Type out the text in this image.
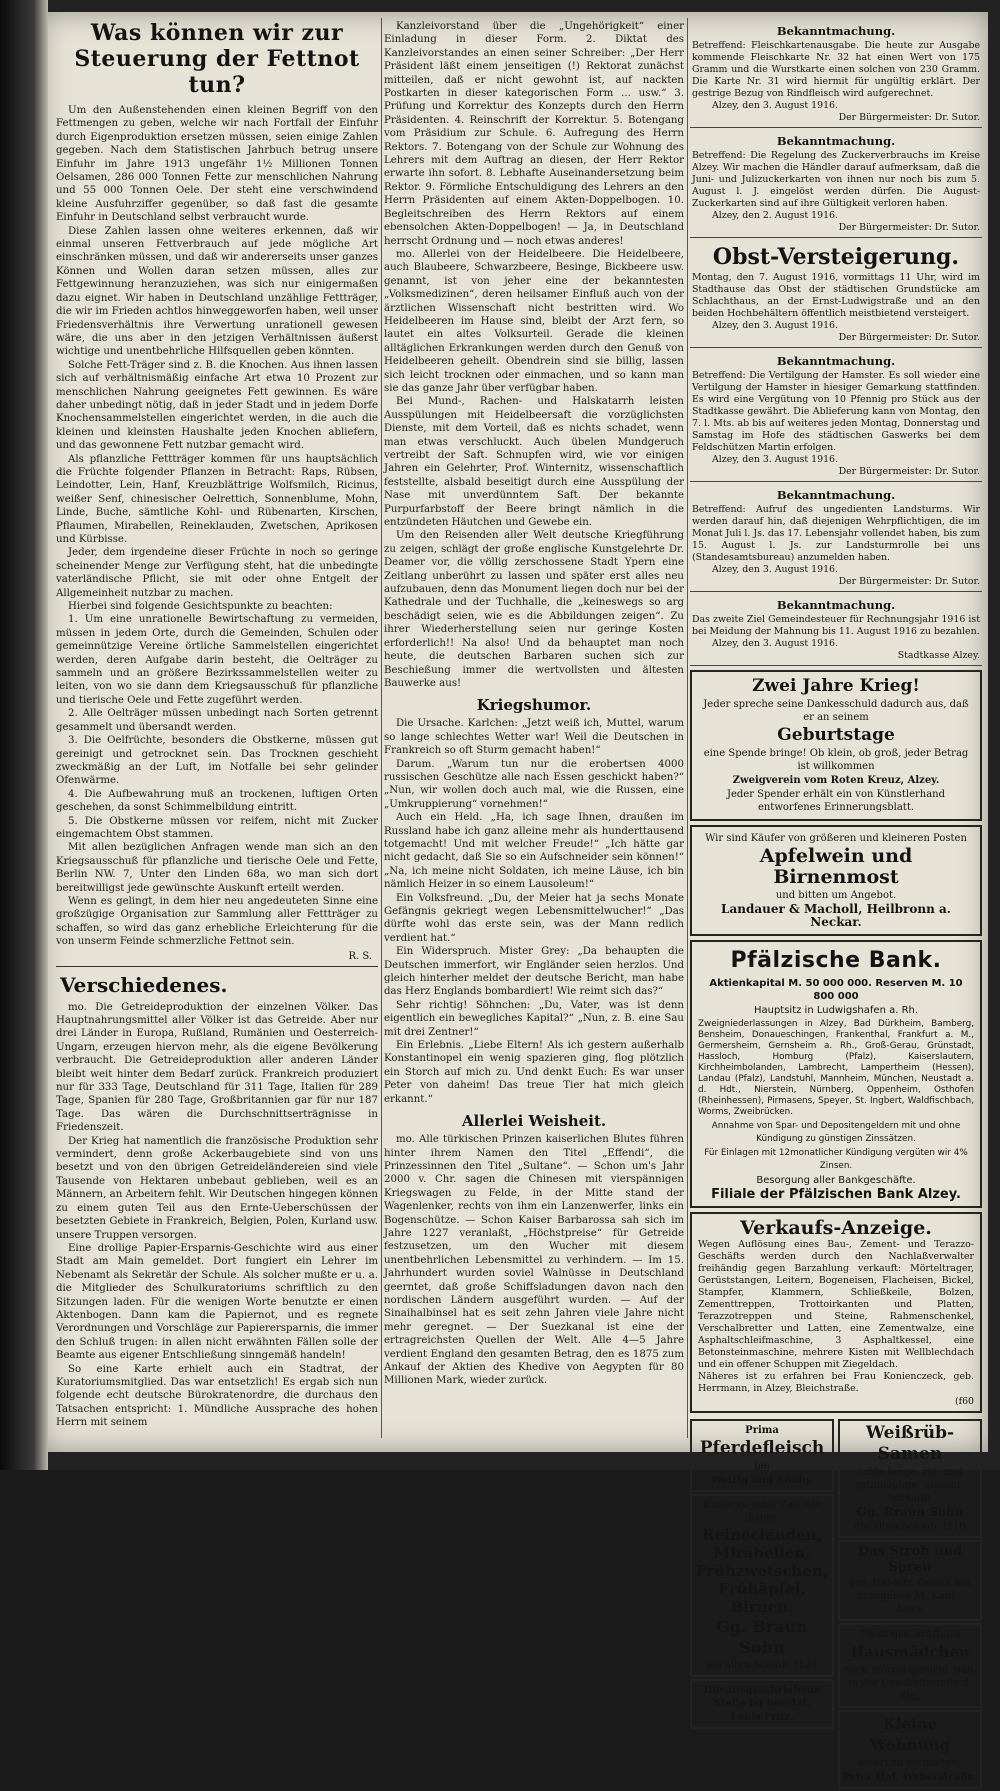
Was können wir zur Steuerung der Fettnot tun?

Um den Außenstehenden einen kleinen Begriff von den Fettmengen zu geben, welche wir nach Fortfall der Einfuhr durch Eigenproduktion ersetzen müssen, seien einige Zahlen gegeben. Nach dem Statistischen Jahrbuch betrug unsere Einfuhr im Jahre 1913 ungefähr 1½ Millionen Tonnen Oelsamen, 286 000 Tonnen Fette zur menschlichen Nahrung und 55 000 Tonnen Oele. Der steht eine verschwindend kleine Ausfuhrziffer gegenüber, so daß fast die gesamte Einfuhr in Deutschland selbst verbraucht wurde.

Diese Zahlen lassen ohne weiteres erkennen, daß wir einmal unseren Fettverbrauch auf jede mögliche Art einschränken müssen, und daß wir andererseits unser ganzes Können und Wollen daran setzen müssen, alles zur Fettgewinnung heranzuziehen, was sich nur einigermaßen dazu eignet. Wir haben in Deutschland unzählige Fettträger, die wir im Frieden achtlos hinweggeworfen haben, weil unser Friedensverhältnis ihre Verwertung unrationell gewesen wäre, die uns aber in den jetzigen Verhältnissen äußerst wichtige und unentbehrliche Hilfsquellen geben könnten.

Solche Fett-Träger sind z. B. die Knochen. Aus ihnen lassen sich auf verhältnismäßig einfache Art etwa 10 Prozent zur menschlichen Nahrung geeignetes Fett gewinnen. Es wäre daher unbedingt nötig, daß in jeder Stadt und in jedem Dorfe Knochensammelstellen eingerichtet werden, in die auch die kleinen und kleinsten Haushalte jeden Knochen abliefern, und das gewonnene Fett nutzbar gemacht wird.

Als pflanzliche Fettträger kommen für uns hauptsächlich die Früchte folgender Pflanzen in Betracht: Raps, Rübsen, Leindotter, Lein, Hanf, Kreuzblättrige Wolfsmilch, Ricinus, weißer Senf, chinesischer Oelrettich, Sonnenblume, Mohn, Linde, Buche, sämtliche Kohl- und Rübenarten, Kirschen, Pflaumen, Mirabellen, Reineklauden, Zwetschen, Aprikosen und Kürbisse.

Jeder, dem irgendeine dieser Früchte in noch so geringe scheinender Menge zur Verfügung steht, hat die unbedingte vaterländische Pflicht, sie mit oder ohne Entgelt der Allgemeinheit nutzbar zu machen.

Hierbei sind folgende Gesichtspunkte zu beachten:

1. Um eine unrationelle Bewirtschaftung zu vermeiden, müssen in jedem Orte, durch die Gemeinden, Schulen oder gemeinnützige Vereine örtliche Sammelstellen eingerichtet werden, deren Aufgabe darin besteht, die Oelträger zu sammeln und an größere Bezirkssammelstellen weiter zu leiten, von wo sie dann dem Kriegsausschuß für pflanzliche und tierische Oele und Fette zugeführt werden.

2. Alle Oelträger müssen unbedingt nach Sorten getrennt gesammelt und übersandt werden.

3. Die Oelfrüchte, besonders die Obstkerne, müssen gut gereinigt und getrocknet sein. Das Trocknen geschieht zweckmäßig an der Luft, im Notfalle bei sehr gelinder Ofenwärme.

4. Die Aufbewahrung muß an trockenen, luftigen Orten geschehen, da sonst Schimmelbildung eintritt.

5. Die Obstkerne müssen vor reifem, nicht mit Zucker eingemachtem Obst stammen.

Mit allen bezüglichen Anfragen wende man sich an den Kriegsausschuß für pflanzliche und tierische Oele und Fette, Berlin NW. 7, Unter den Linden 68a, wo man sich dort bereitwilligst jede gewünschte Auskunft erteilt werden.

Wenn es gelingt, in dem hier neu angedeuteten Sinne eine großzügige Organisation zur Sammlung aller Fettträger zu schaffen, so wird das ganz erhebliche Erleichterung für die von unserm Feinde schmerzliche Fettnot sein.

R. S.
Verschiedenes.

mo. Die Getreideproduktion der einzelnen Völker. Das Hauptnahrungsmittel aller Völker ist das Getreide. Aber nur drei Länder in Europa, Rußland, Rumänien und Oesterreich-Ungarn, erzeugen hiervon mehr, als die eigene Bevölkerung verbraucht. Die Getreideproduktion aller anderen Länder bleibt weit hinter dem Bedarf zurück. Frankreich produziert nur für 333 Tage, Deutschland für 311 Tage, Italien für 289 Tage, Spanien für 280 Tage, Großbritannien gar für nur 187 Tage. Das wären die Durchschnittserträgnisse in Friedenszeit.

Der Krieg hat namentlich die französische Produktion sehr vermindert, denn große Ackerbaugebiete sind von uns besetzt und von den übrigen Getreideländereien sind viele Tausende von Hektaren unbebaut geblieben, weil es an Männern, an Arbeitern fehlt. Wir Deutschen hingegen können zu einem guten Teil aus den Ernte-Ueberschüssen der besetzten Gebiete in Frankreich, Belgien, Polen, Kurland usw. unsere Truppen versorgen.

Eine drollige Papier-Ersparnis-Geschichte wird aus einer Stadt am Main gemeldet. Dort fungiert ein Lehrer im Nebenamt als Sekretär der Schule. Als solcher mußte er u. a. die Mitglieder des Schulkuratoriums schriftlich zu den Sitzungen laden. Für die wenigen Worte benutzte er einen Aktenbogen. Dann kam die Papiernot, und es regnete Verordnungen und Vorschläge zur Papierersparnis, die immer den Schluß trugen: in allen nicht erwähnten Fällen solle der Beamte aus eigener Entschließung sinngemäß handeln!

So eine Karte erhielt auch ein Stadtrat, der Kuratoriumsmitglied. Das war entsetzlich! Es ergab sich nun folgende echt deutsche Bürokratenordre, die durchaus den Tatsachen entspricht: 1. Mündliche Aussprache des hohen Herrn mit seinem

Kanzleivorstand über die „Ungehörigkeit“ einer Einladung in dieser Form. 2. Diktat des Kanzleivorstandes an einen seiner Schreiber: „Der Herr Präsident läßt einem jenseitigen (!) Rektorat zunächst mitteilen, daß er nicht gewohnt ist, auf nackten Postkarten in dieser kategorischen Form ... usw.“ 3. Prüfung und Korrektur des Konzepts durch den Herrn Präsidenten. 4. Reinschrift der Korrektur. 5. Botengang vom Präsidium zur Schule. 6. Aufregung des Herrn Rektors. 7. Botengang von der Schule zur Wohnung des Lehrers mit dem Auftrag an diesen, der Herr Rektor erwarte ihn sofort. 8. Lebhafte Auseinandersetzung beim Rektor. 9. Förmliche Entschuldigung des Lehrers an den Herrn Präsidenten auf einem Akten-Doppelbogen. 10. Begleitschreiben des Herrn Rektors auf einem ebensolchen Akten-Doppelbogen! — Ja, in Deutschland herrscht Ordnung und — noch etwas anderes!

mo. Allerlei von der Heidelbeere. Die Heidelbeere, auch Blaubeere, Schwarzbeere, Besinge, Bickbeere usw. genannt, ist von jeher eine der bekanntesten „Volksmedizinen“, deren heilsamer Einfluß auch von der ärztlichen Wissenschaft nicht bestritten wird. Wo Heidelbeeren im Hause sind, bleibt der Arzt fern, so lautet ein altes Volksurteil. Gerade die kleinen alltäglichen Erkrankungen werden durch den Genuß von Heidelbeeren geheilt. Obendrein sind sie billig, lassen sich leicht trocknen oder einmachen, und so kann man sie das ganze Jahr über verfügbar haben.

Bei Mund-, Rachen- und Halskatarrh leisten Ausspülungen mit Heidelbeersaft die vorzüglichsten Dienste, mit dem Vorteil, daß es nichts schadet, wenn man etwas verschluckt. Auch übelen Mundgeruch vertreibt der Saft. Schnupfen wird, wie vor einigen Jahren ein Gelehrter, Prof. Winternitz, wissenschaftlich feststellte, alsbald beseitigt durch eine Ausspülung der Nase mit unverdünntem Saft. Der bekannte Purpurfarbstoff der Beere bringt nämlich in die entzündeten Häutchen und Gewebe ein.

Um den Reisenden aller Welt deutsche Kriegführung zu zeigen, schlägt der große englische Kunstgelehrte Dr. Deamer vor, die völlig zerschossene Stadt Ypern eine Zeitlang unberührt zu lassen und später erst alles neu aufzubauen, denn das Monument liegen doch nur bei der Kathedrale und der Tuchhalle, die „keineswegs so arg beschädigt seien, wie es die Abbildungen zeigen“. Zu ihrer Wiederherstellung seien nur geringe Kosten erforderlich!! Na also! Und da behauptet man noch heute, die deutschen Barbaren suchen sich zur Beschießung immer die wertvollsten und ältesten Bauwerke aus!

Kriegshumor.

Die Ursache. Karlchen: „Jetzt weiß ich, Muttel, warum so lange schlechtes Wetter war! Weil die Deutschen in Frankreich so oft Sturm gemacht haben!“

Darum. „Warum tun nur die erobertsen 4000 russischen Geschütze alle nach Essen geschickt haben?“ „Nun, wir wollen doch auch mal, wie die Russen, eine „Umkruppierung“ vornehmen!“

Auch ein Held. „Ha, ich sage Ihnen, draußen im Russland habe ich ganz alleine mehr als hunderttausend totgemacht! Und mit welcher Freude!“ „Ich hätte gar nicht gedacht, daß Sie so ein Aufschneider sein können!“ „Na, ich meine nicht Soldaten, ich meine Läuse, ich bin nämlich Heizer in so einem Lausoleum!“

Ein Volksfreund. „Du, der Meier hat ja sechs Monate Gefängnis gekriegt wegen Lebensmittelwucher!“ „Das dürfte wohl das erste sein, was der Mann redlich verdient hat.“

Ein Widerspruch. Mister Grey: „Da behaupten die Deutschen immerfort, wir Engländer seien herzlos. Und gleich hinterher meldet der deutsche Bericht, man habe das Herz Englands bombardiert! Wie reimt sich das?“

Sehr richtig! Söhnchen: „Du, Vater, was ist denn eigentlich ein bewegliches Kapital?“ „Nun, z. B. eine Sau mit drei Zentner!“

Ein Erlebnis. „Liebe Eltern! Als ich gestern außerhalb Konstantinopel ein wenig spazieren ging, flog plötzlich ein Storch auf mich zu. Und denkt Euch: Es war unser Peter von daheim! Das treue Tier hat mich gleich erkannt.“

Allerlei Weisheit.

mo. Alle türkischen Prinzen kaiserlichen Blutes führen hinter ihrem Namen den Titel „Effendi“, die Prinzessinnen den Titel „Sultane“. — Schon um's Jahr 2000 v. Chr. sagen die Chinesen mit vierspännigen Kriegswagen zu Felde, in der Mitte stand der Wagenlenker, rechts von ihm ein Lanzenwerfer, links ein Bogenschütze. — Schon Kaiser Barbarossa sah sich im Jahre 1227 veranlaßt, „Höchstpreise“ für Getreide festzusetzen, um den Wucher mit diesem unentbehrlichen Lebensmittel zu verhindern. — Im 15. Jahrhundert wurden soviel Walnüsse in Deutschland geerntet, daß große Schiffsladungen davon nach den nordischen Ländern ausgeführt wurden. — Auf der Sinaihalbinsel hat es seit zehn Jahren viele Jahre nicht mehr geregnet. — Der Suezkanal ist eine der ertragreichsten Quellen der Welt. Alle 4—5 Jahre verdient England den gesamten Betrag, den es 1875 zum Ankauf der Aktien des Khedive von Aegypten für 80 Millionen Mark, wieder zurück.

Bekanntmachung.

Betreffend: Fleischkartenausgabe. Die heute zur Ausgabe kommende Fleischkarte Nr. 32 hat einen Wert von 175 Gramm und die Wurstkarte einen solchen von 230 Gramm. Die Karte Nr. 31 wird hiermit für ungültig erklärt. Der gestrige Bezug von Rindfleisch wird aufgerechnet.

Alzey, den 3. August 1916.

Der Bürgermeister: Dr. Sutor.

Bekanntmachung.

Betreffend: Die Regelung des Zuckerverbrauchs im Kreise Alzey. Wir machen die Händler darauf aufmerksam, daß die Juni- und Julizuckerkarten von ihnen nur noch bis zum 5. August l. J. eingelöst werden dürfen. Die August-Zuckerkarten sind auf ihre Gültigkeit verloren haben.

Alzey, den 2. August 1916.

Der Bürgermeister: Dr. Sutor.

Obst-Versteigerung.

Montag, den 7. August 1916, vormittags 11 Uhr, wird im Stadthause das Obst der städtischen Grundstücke am Schlachthaus, an der Ernst-Ludwigstraße und an den beiden Hochbehältern öffentlich meistbietend versteigert.

Alzey, den 3. August 1916.

Der Bürgermeister: Dr. Sutor.

Bekanntmachung.

Betreffend: Die Vertilgung der Hamster. Es soll wieder eine Vertilgung der Hamster in hiesiger Gemarkung stattfinden. Es wird eine Vergütung von 10 Pfennig pro Stück aus der Stadtkasse gewährt. Die Ablieferung kann von Montag, den 7. l. Mts. ab bis auf weiteres jeden Montag, Donnerstag und Samstag im Hofe des städtischen Gaswerks bei dem Feldschützen Martin erfolgen.

Alzey, den 3. August 1916.

Der Bürgermeister: Dr. Sutor.

Bekanntmachung.

Betreffend: Aufruf des ungedienten Landsturms. Wir werden darauf hin, daß diejenigen Wehrpflichtigen, die im Monat Juli l. Js. das 17. Lebensjahr vollendet haben, bis zum 15. August l. Js. zur Landsturmrolle bei uns (Standesamtsbureau) anzumelden haben.

Alzey, den 3. August 1916.

Der Bürgermeister: Dr. Sutor.

Bekanntmachung.

Das zweite Ziel Gemeindesteuer für Rechnungsjahr 1916 ist bei Meidung der Mahnung bis 11. August 1916 zu bezahlen.

Alzey, den 3. August 1916.

Stadtkasse Alzey.

Zwei Jahre Krieg!
Jeder spreche seine Dankesschuld dadurch aus, daß er an seinem
Geburtstage
eine Spende bringe! Ob klein, ob groß, jeder Betrag ist willkommen
Zweigverein vom Roten Kreuz, Alzey.
Jeder Spender erhält ein von Künstlerhand entworfenes Erinnerungsblatt.
Wir sind Käufer von größeren und kleineren Posten
Apfelwein und Birnenmost
und bitten um Angebot.
Landauer & Macholl, Heilbronn a. Neckar.
Pfälzische Bank.
Aktienkapital M. 50 000 000. Reserven M. 10 800 000
Hauptsitz in Ludwigshafen a. Rh.

Zweigniederlassungen in Alzey, Bad Dürkheim, Bamberg, Bensheim, Donaueschingen, Frankenthal, Frankfurt a. M., Germersheim, Gernsheim a. Rh., Groß-Gerau, Grünstadt, Hassloch, Homburg (Pfalz), Kaiserslautern, Kirchheimbolanden, Lambrecht, Lampertheim (Hessen), Landau (Pfalz), Landstuhl, Mannheim, München, Neustadt a. d. Hdt., Nierstein, Nürnberg, Oppenheim, Osthofen (Rheinhessen), Pirmasens, Speyer, St. Ingbert, Waldfischbach, Worms, Zweibrücken.

Annahme von Spar- und Depositengeldern mit und ohne Kündigung zu günstigen Zinssätzen.
Für Einlagen mit 12monatlicher Kündigung vergüten wir 4% Zinsen.
Besorgung aller Bankgeschäfte.
Filiale der Pfälzischen Bank Alzey.
Verkaufs-Anzeige.

Wegen Auflösung eines Bau-, Zement- und Terazzo-Geschäfts werden durch den Nachlaßverwalter freihändig gegen Barzahlung verkauft: Mörteltrager, Gerüststangen, Leitern, Bogeneisen, Flacheisen, Bickel, Stampfer, Klammern, Schließkeile, Bolzen, Zementtreppen, Trottoirkanten und Platten, Terazzotreppen und Steine, Rahmenschenkel, Verschalbretter und Latten, eine Zementwalze, eine Asphaltschleifmaschine, 3 Asphaltkessel, eine Betonsteinmaschine, mehrere Kisten mit Wellblechdach und ein offener Schuppen mit Ziegeldach.

Näheres ist zu erfahren bei Frau Konienczeck, geb. Herrmann, in Alzey, Bleichstraße.

(f60
Prima
Pferdefleisch
bei
Wettig und König.
Kaufe zu jeder Zeit der Ernte
Reineclauden,
Mirabellen,
Frühzwetschen,
Frühäpfel,
Birnen.
Gg. Braun Sohn
am alten Schloß. (121
Die ausgeschriebene Stelle ist besetzt.
Louis Fritz.
Weißrüb-Samen
echte lange, rot- und grünköpfige, gesiebt, verkauft
Gg. Braun Sohn
am alten Schloß. (116
Das Stroh und Spreu
von 400 Mtr. Gerste hat abzugeben M. Kautz, Alzey.
Tüchtiges, kräftiges
Hausmädchen
nach Worms gesucht Näh. in der Geschäftsstelle d. Ztg.
Kleine Wohnung
sofort zu vermieten.
Peter Haf, Weberstraße.
